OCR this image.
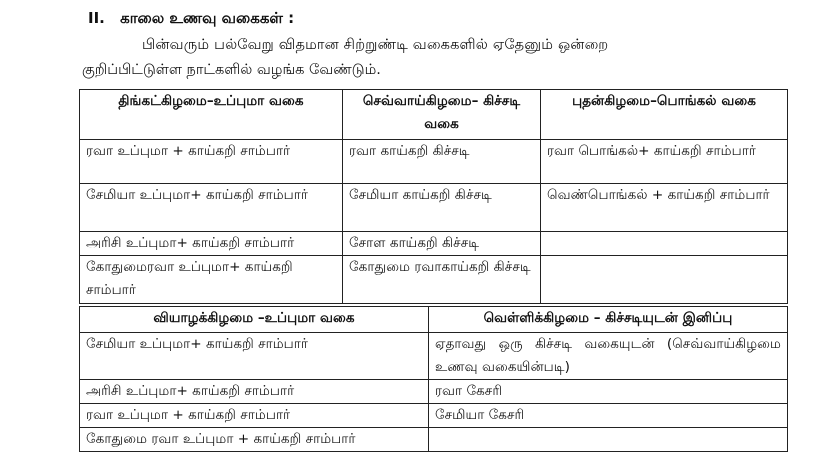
II. காலை உணவு வகைகள் :
பின்வரும் பல்வேறு விதமான சிற்றுண்டி வகைகளில் ஏதேனும் ஒன்றை
குறிப்பிட்டுள்ள நாட்களில் வழங்க வேண்டும்.
திங்கட்கிழமை–உப்புமா வகை	செவ்வாய்கிழமை– கிச்சடி வகை	புதன்கிழமை–பொங்கல் வகை
ரவா உப்புமா + காய்கறி சாம்பார்	ரவா காய்கறி கிச்சடி	ரவா பொங்கல்+ காய்கறி சாம்பார்
சேமியா உப்புமா+ காய்கறி சாம்பார்	சேமியா காய்கறி கிச்சடி	வெண்பொங்கல் + காய்கறி சாம்பார்
அரிசி உப்புமா+ காய்கறி சாம்பார்	சோள காய்கறி கிச்சடி	
கோதுமைரவா உப்புமா+ காய்கறி சாம்பார்	கோதுமை ரவாகாய்கறி கிச்சடி	
வியாழக்கிழமை –உப்புமா வகை	வெள்ளிக்கிழமை – கிச்சடியுடன் இனிப்பு
சேமியா உப்புமா+ காய்கறி சாம்பார்	ஏதாவது ஒரு கிச்சடி வகையுடன் (செவ்வாய்கிழமை உணவு வகையின்படி)
அரிசி உப்புமா+ காய்கறி சாம்பார்	ரவா கேசரி
ரவா உப்புமா + காய்கறி சாம்பார்	சேமியா கேசரி
கோதுமை ரவா உப்புமா + காய்கறி சாம்பார்	
